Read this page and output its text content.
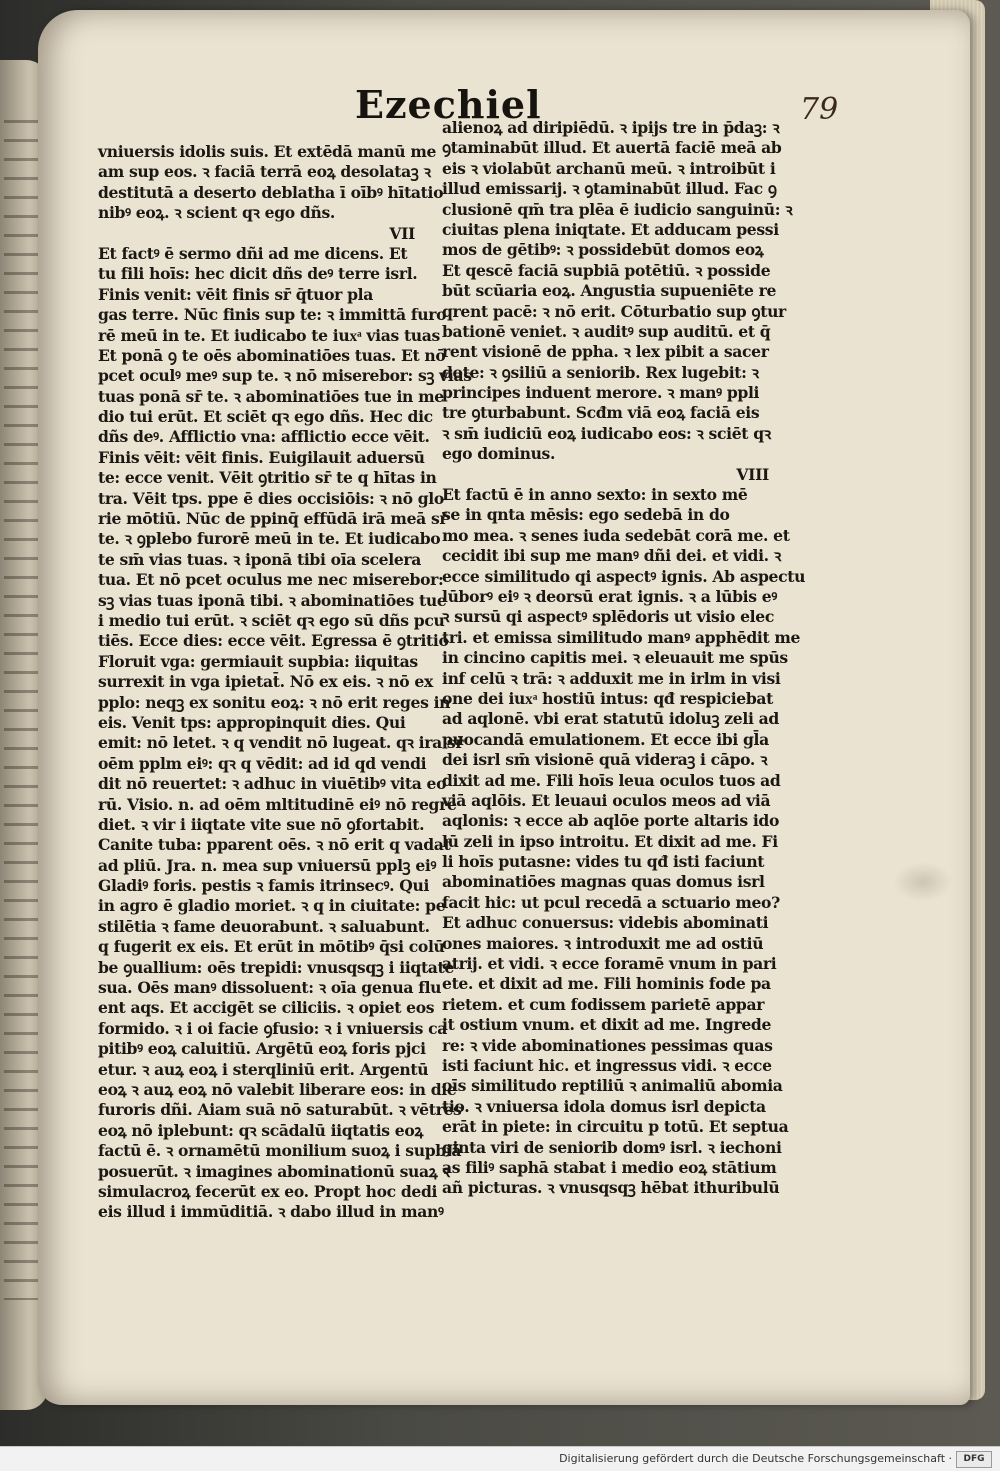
Ezechiel	79
vniuersis idolis suis. Et extēdā manū me
am sup eos. ꝛ faciā terrā eoꝝ desolataꝫ ꝛ
destitutā a deserto deblatha ī oībꝰ hītatio
nibꝰ eoꝝ. ꝛ scient qꝛ ego dñs.
VII
Et factꝰ ē sermo dñi ad me dicens. Et
tu fili hoīs: hec dicit dñs deꝰ terre isrl.
Finis venit: vēit finis sr̄ q̄tuor pla
gas terre. Nūc finis sup te: ꝛ immittā furo
rē meū in te. Et iudicabo te iuxͣ vias tuas
Et ponā ꝯ te oēs abominatiōes tuas. Et nō
pcet oculꝰ meꝰ sup te. ꝛ nō miserebor: sꝫ vias
tuas ponā sr̄ te. ꝛ abominatiōes tue in me
dio tui erūt. Et sciēt qꝛ ego dñs. Hec dic
dñs deꝰ. Afflictio vna: afflictio ecce vēit.
Finis vēit: vēit finis. Euigilauit aduersū
te: ecce venit. Vēit ꝯtritio sr̄ te q hītas in
tra. Vēit tps. ppe ē dies occisiōis: ꝛ nō glo
rie mōtiū. Nūc de ppinq̄ effūdā irā meā sr̄
te. ꝛ ꝯplebo furorē meū in te. Et iudicabo
te sm̄ vias tuas. ꝛ iponā tibi oīa scelera
tua. Et nō pcet oculus me nec miserebor:
sꝫ vias tuas iponā tibi. ꝛ abominatiōes tue
i medio tui erūt. ꝛ sciēt qꝛ ego sū dñs pcu
tiēs. Ecce dies: ecce vēit. Egressa ē ꝯtritio
Floruit vga: germiauit supbia: iiquitas
surrexit in vga ipietat̄. Nō ex eis. ꝛ nō ex
pplo: neqꝫ ex sonitu eoꝝ: ꝛ nō erit reges in
eis. Venit tps: appropinquit dies. Qui
emit: nō letet. ꝛ q vendit nō lugeat. qꝛ ira sr̄
oēm pplm eiꝰ: qꝛ q vēdit: ad id qd vendi
dit nō reuertet: ꝛ adhuc in viuētibꝰ vita eo
rū. Visio. n. ad oēm mltitudinē eiꝰ nō regre
diet. ꝛ vir i iiqtate vite sue nō ꝯfortabit.
Canite tuba: pparent oēs. ꝛ nō erit q vadat
ad pliū. Jra. n. mea sup vniuersū pplꝫ eiꝰ
Gladiꝰ foris. pestis ꝛ famis itrinsecꝰ. Qui
in agro ē gladio moriet. ꝛ q in ciuitate: pe
stilētia ꝛ fame deuorabunt. ꝛ saluabunt.
q fugerit ex eis. Et erūt in mōtibꝰ q̄si colū
be ꝯuallium: oēs trepidi: vnusqsqꝫ i iiqtate
sua. Oēs manꝰ dissoluent: ꝛ oīa genua flu
ent aqs. Et accigēt se ciliciis. ꝛ opiet eos
formido. ꝛ i oi facie ꝯfusio: ꝛ i vniuersis ca
pitibꝰ eoꝝ caluitiū. Argētū eoꝝ foris pjci
etur. ꝛ auꝝ eoꝝ i sterqliniū erit. Argentū
eoꝝ ꝛ auꝝ eoꝝ nō valebit liberare eos: in die
furoris dñi. Aiam suā nō saturabūt. ꝛ vētres
eoꝝ nō iplebunt: qꝛ scādalū iiqtatis eoꝝ
factū ē. ꝛ ornamētū monilium suoꝝ i supbiā
posuerūt. ꝛ imagines abominationū suaꝝ ꝛ
simulacroꝝ fecerūt ex eo. Propt hoc dedi
eis illud i immūditiā. ꝛ dabo illud in manꝰ
alienoꝝ ad diripiēdū. ꝛ ipijs tre in p̄daꝫ: ꝛ
ꝯtaminabūt illud. Et auertā faciē meā ab
eis ꝛ violabūt archanū meū. ꝛ introibūt i
illud emissarij. ꝛ ꝯtaminabūt illud. Fac ꝯ
clusionē qm̄ tra plēa ē iudicio sanguinū: ꝛ
ciuitas plena iniqtate. Et adducam pessi
mos de gētibꝰ: ꝛ possidebūt domos eoꝝ
Et qescē faciā supbiā potētiū. ꝛ posside
būt scūaria eoꝝ. Angustia supueniēte re
qrent pacē: ꝛ nō erit. Cōturbatio sup ꝯtur
bationē veniet. ꝛ auditꝰ sup auditū. et q̄
rent visionē de ppha. ꝛ lex pibit a sacer
dote: ꝛ ꝯsiliū a seniorib. Rex lugebit: ꝛ
principes induent merore. ꝛ manꝰ ppli
tre ꝯturbabunt. Scđm viā eoꝝ faciā eis
ꝛ sm̄ iudiciū eoꝝ iudicabo eos: ꝛ sciēt qꝛ
ego dominus.
VIII
Et factū ē in anno sexto: in sexto mē
se in qnta mēsis: ego sedebā in do
mo mea. ꝛ senes iuda sedebāt corā me. et
cecidit ibi sup me manꝰ dñi dei. et vidi. ꝛ
ecce similitudo qi aspectꝰ ignis. Ab aspectu
lūborꝰ eiꝰ ꝛ deorsū erat ignis. ꝛ a lūbis eꝰ
ꝛ sursū qi aspectꝰ splēdoris ut visio elec
tri. et emissa similitudo manꝰ apphēdit me
in cincino capitis mei. ꝛ eleuauit me spūs
inf celū ꝛ trā: ꝛ adduxit me in irlm in visi
one dei iuxͣ hostiū intus: qđ respiciebat
ad aqlonē. vbi erat statutū idoluꝫ zeli ad
puocandā emulationem. Et ecce ibi gl̄a
dei isrl sm̄ visionē quā videraꝫ i cāpo. ꝛ
dixit ad me. Fili hoīs leua oculos tuos ad
viā aqlōis. Et leuaui oculos meos ad viā
aqlonis: ꝛ ecce ab aqlōe porte altaris ido
lū zeli in ipso introitu. Et dixit ad me. Fi
li hoīs putasne: vides tu qđ isti faciunt
abominatiōes magnas quas domus isrl
facit hic: ut pcul recedā a sctuario meo?
Et adhuc conuersus: videbis abominati
ones maiores. ꝛ introduxit me ad ostiū
atrij. et vidi. ꝛ ecce foramē vnum in pari
ete. et dixit ad me. Fili hominis fode pa
rietem. et cum fodissem parietē appar
it ostium vnum. et dixit ad me. Ingrede
re: ꝛ vide abominationes pessimas quas
isti faciunt hic. et ingressus vidi. ꝛ ecce
oīs similitudo reptiliū ꝛ animaliū abomia
tio. ꝛ vniuersa idola domus isrl depicta
erāt in piete: in circuitu p totū. Et septua
ginta viri de seniorib domꝰ isrl. ꝛ iechoni
as filiꝰ saphā stabat i medio eoꝝ stātium
añ picturas. ꝛ vnusqsqꝫ hēbat ithuribulū
Digitalisierung gefördert durch die Deutsche Forschungsgemeinschaft ·	DFG
